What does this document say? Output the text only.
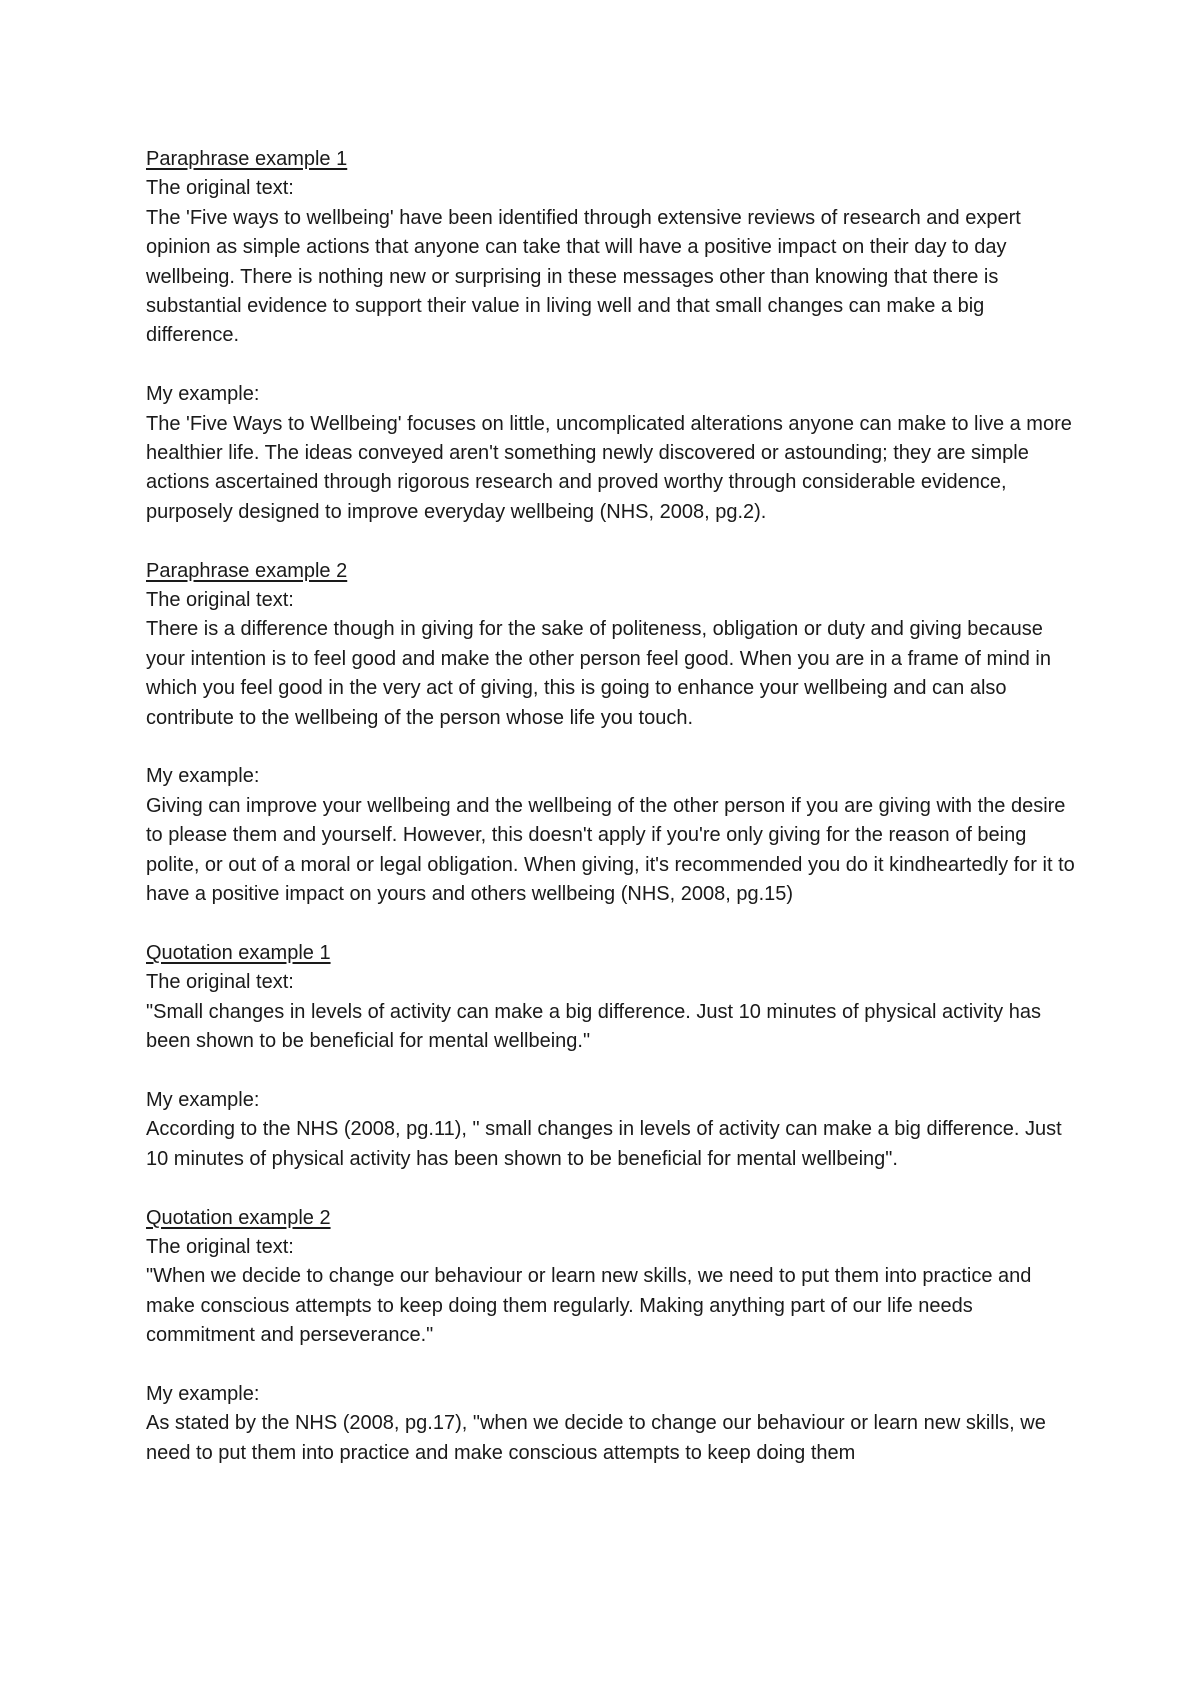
Paraphrase example 1
The original text:

The 'Five ways to wellbeing' have been identified through extensive reviews of research and expert opinion as simple actions that anyone can take that will have a positive impact on their day to day wellbeing. There is nothing new or surprising in these messages other than knowing that there is substantial evidence to support their value in living well and that small changes can make a big difference.

My example:

The 'Five Ways to Wellbeing' focuses on little, uncomplicated alterations anyone can make to live a more healthier life. The ideas conveyed aren't something newly discovered or astounding; they are simple actions ascertained through rigorous research and proved worthy through considerable evidence, purposely designed to improve everyday wellbeing (NHS, 2008, pg.2).

Paraphrase example 2
The original text:

There is a difference though in giving for the sake of politeness, obligation or duty and giving because your intention is to feel good and make the other person feel good. When you are in a frame of mind in which you feel good in the very act of giving, this is going to enhance your wellbeing and can also contribute to the wellbeing of the person whose life you touch.

My example:

Giving can improve your wellbeing and the wellbeing of the other person if you are giving with the desire to please them and yourself. However, this doesn't apply if you're only giving for the reason of being polite, or out of a moral or legal obligation. When giving, it's recommended you do it kindheartedly for it to have a positive impact on yours and others wellbeing (NHS, 2008, pg.15)

Quotation example 1
The original text:

"Small changes in levels of activity can make a big difference. Just 10 minutes of physical activity has been shown to be beneficial for mental wellbeing."

My example:

According to the NHS (2008, pg.11), " small changes in levels of activity can make a big difference. Just 10 minutes of physical activity has been shown to be beneficial for mental wellbeing".

Quotation example 2
The original text:

"When we decide to change our behaviour or learn new skills, we need to put them into practice and make conscious attempts to keep doing them regularly. Making anything part of our life needs commitment and perseverance."

My example:

As stated by the NHS (2008, pg.17), "when we decide to change our behaviour or learn new skills, we need to put them into practice and make conscious attempts to keep doing them
